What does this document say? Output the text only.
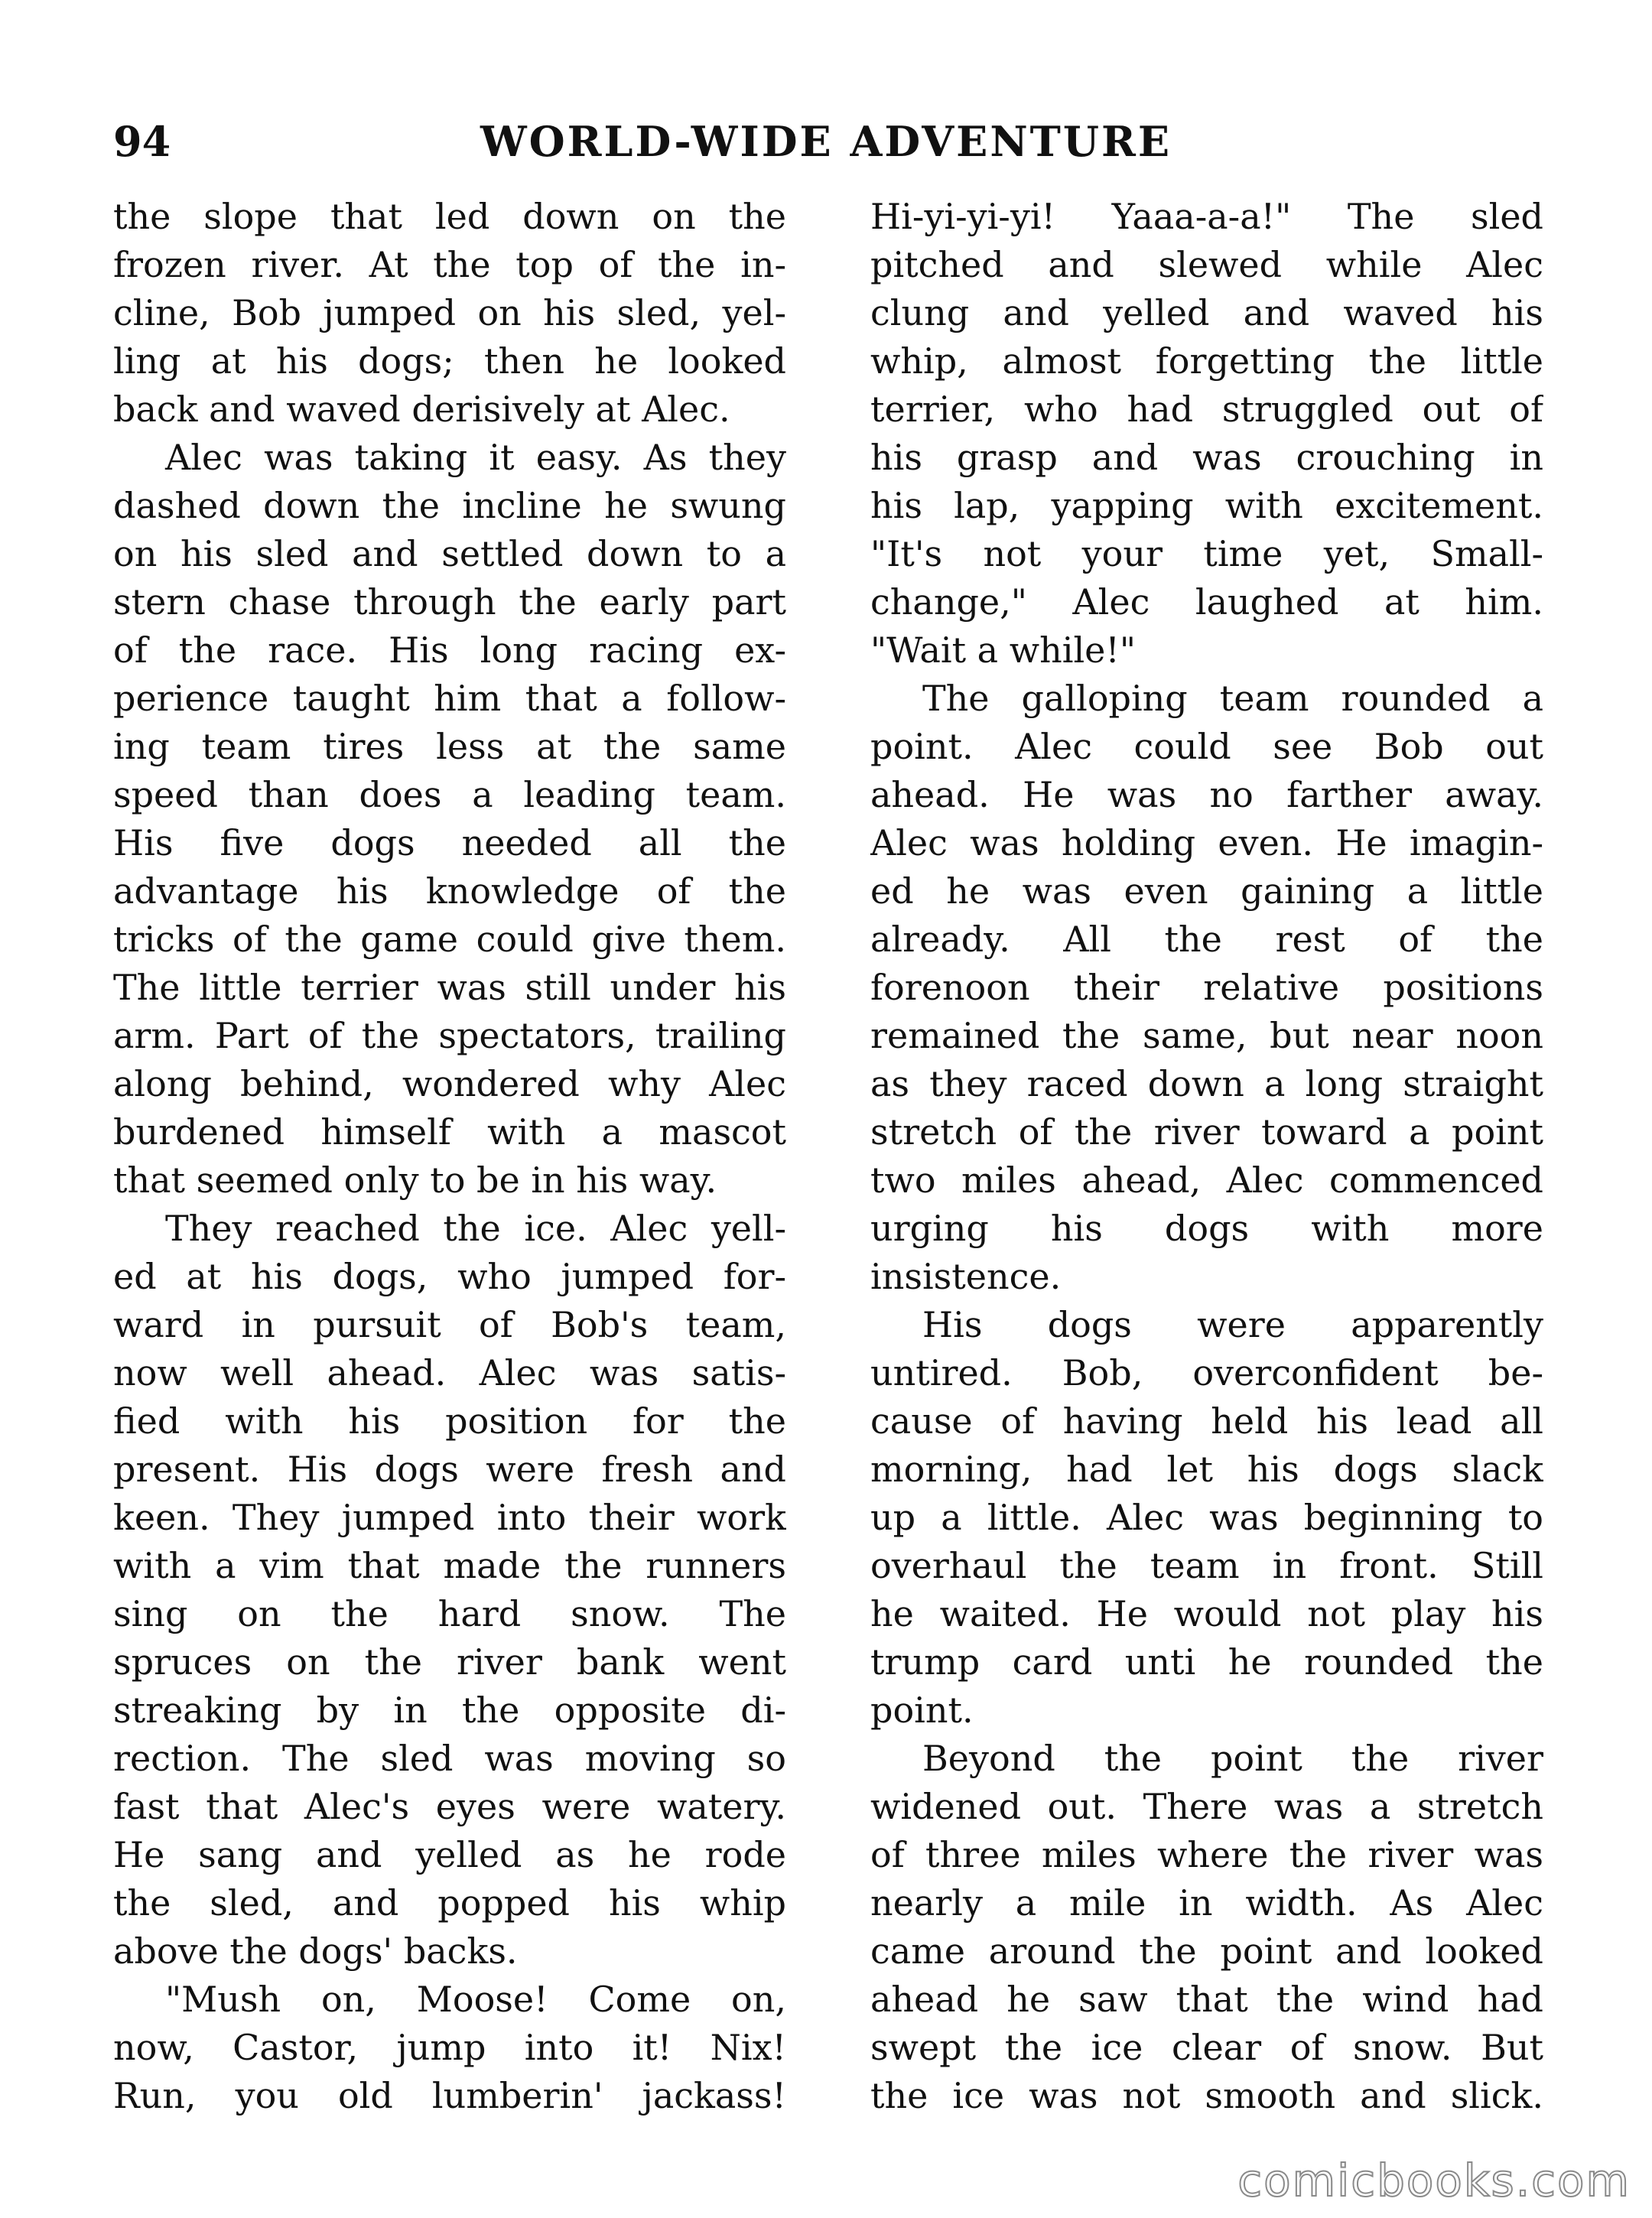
94	WORLD-WIDE ADVENTURE
the slope that led down on the
frozen river. At the top of the in-
cline, Bob jumped on his sled, yel-
ling at his dogs; then he looked
back and waved derisively at Alec.
Alec was taking it easy. As they
dashed down the incline he swung
on his sled and settled down to a
stern chase through the early part
of the race. His long racing ex-
perience taught him that a follow-
ing team tires less at the same
speed than does a leading team.
His five dogs needed all the
advantage his knowledge of the
tricks of the game could give them.
The little terrier was still under his
arm. Part of the spectators, trailing
along behind, wondered why Alec
burdened himself with a mascot
that seemed only to be in his way.
They reached the ice. Alec yell-
ed at his dogs, who jumped for-
ward in pursuit of Bob's team,
now well ahead. Alec was satis-
fied with his position for the
present. His dogs were fresh and
keen. They jumped into their work
with a vim that made the runners
sing on the hard snow. The
spruces on the river bank went
streaking by in the opposite di-
rection. The sled was moving so
fast that Alec's eyes were watery.
He sang and yelled as he rode
the sled, and popped his whip
above the dogs' backs.
"Mush on, Moose! Come on,
now, Castor, jump into it! Nix!
Run, you old lumberin' jackass!
Hi-yi-yi-yi! Yaaa-a-a!" The sled
pitched and slewed while Alec
clung and yelled and waved his
whip, almost forgetting the little
terrier, who had struggled out of
his grasp and was crouching in
his lap, yapping with excitement.
"It's not your time yet, Small-
change," Alec laughed at him.
"Wait a while!"
The galloping team rounded a
point. Alec could see Bob out
ahead. He was no farther away.
Alec was holding even. He imagin-
ed he was even gaining a little
already. All the rest of the
forenoon their relative positions
remained the same, but near noon
as they raced down a long straight
stretch of the river toward a point
two miles ahead, Alec commenced
urging his dogs with more
insistence.
His dogs were apparently
untired. Bob, overconfident be-
cause of having held his lead all
morning, had let his dogs slack
up a little. Alec was beginning to
overhaul the team in front. Still
he waited. He would not play his
trump card unti he rounded the
point.
Beyond the point the river
widened out. There was a stretch
of three miles where the river was
nearly a mile in width. As Alec
came around the point and looked
ahead he saw that the wind had
swept the ice clear of snow. But
the ice was not smooth and slick.
comicbooks.com
